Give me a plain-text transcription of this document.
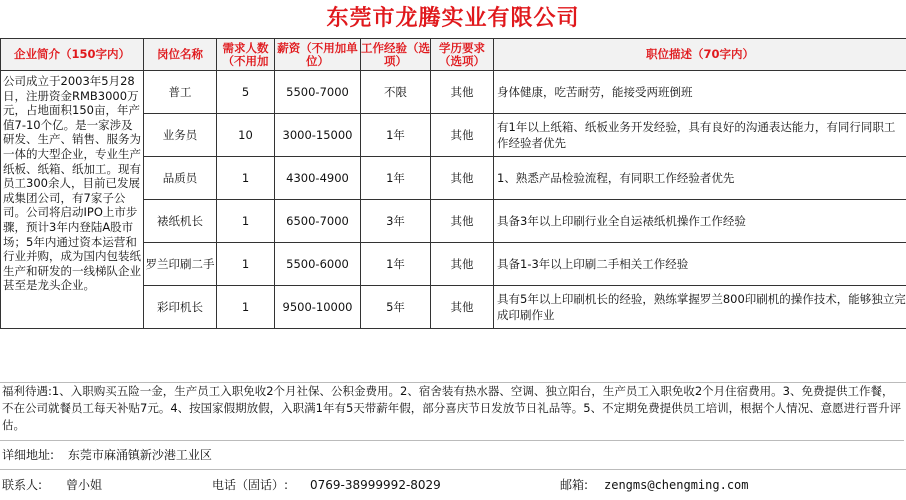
东莞市龙腾实业有限公司
企业简介（150字内）	岗位名称	需求人数（不用加	薪资（不用加单位）	工作经验（选项）	学历要求（选项）	职位描述（70字内）
公司成立于2003年5月28日，注册资金RMB3000万元，占地面积150亩，年产值7-10个亿。是一家涉及研发、生产、销售、服务为一体的大型企业，专业生产纸板、纸箱、纸加工。现有员工300余人，目前已发展成集团公司，有7家子公司。公司将启动IPO上市步骤，预计3年内登陆A股市场；5年内通过资本运营和行业并购，成为国内包装纸生产和研发的一线梯队企业甚至是龙头企业。	普工	5	5500-7000	不限	其他	身体健康，吃苦耐劳，能接受两班倒班
	业务员	10	3000-15000	1年	其他	有1年以上纸箱、纸板业务开发经验，具有良好的沟通表达能力，有同行同职工作经验者优先
	品质员	1	4300-4900	1年	其他	1、熟悉产品检验流程，有同职工作经验者优先
	裱纸机长	1	6500-7000	3年	其他	具备3年以上印刷行业全自运裱纸机操作工作经验
	罗兰印刷二手	1	5500-6000	1年	其他	具备1-3年以上印刷二手相关工作经验
	彩印机长	1	9500-10000	5年	其他	具有5年以上印刷机长的经验，熟练掌握罗兰800印刷机的操作技术，能够独立完成印刷作业
福利待遇:1、入职购买五险一金，生产员工入职免收2个月社保、公积金费用。2、宿舍装有热水器、空调、独立阳台，生产员工入职免收2个月住宿费用。3、免费提供工作餐，不在公司就餐员工每天补贴7元。4、按国家假期放假，入职满1年有5天带薪年假，部分喜庆节日发放节日礼品等。5、不定期免费提供员工培训，根据个人情况、意愿进行晋升评估。
详细地址: 东莞市麻涌镇新沙港工业区
联系人: 曾小姐	电话（固话）: 0769-38999992-8029	邮箱: zengms@chengming.com
